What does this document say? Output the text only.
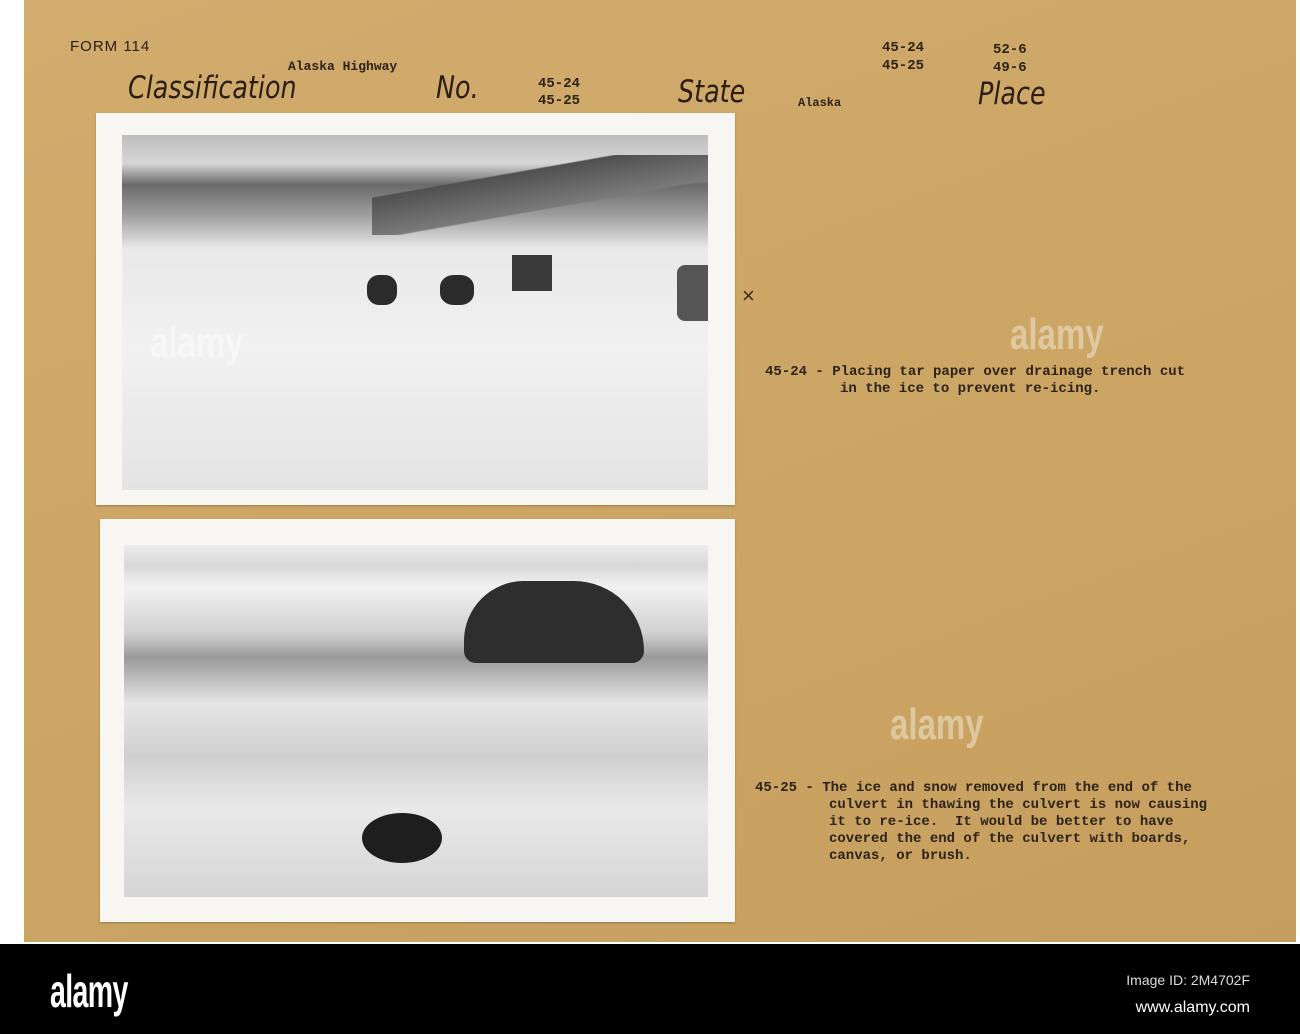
FORM 114
Alaska Highway
Classification	No.	45-24
45-25	State	Alaska
45-24
45-25
52-6
49-6
Place
×
45-24 - Placing tar paper over drainage trench cut
in the ice to prevent re-icing.
45-25 - The ice and snow removed from the end of the
culvert in thawing the culvert is now causing
it to re-ice.  It would be better to have
covered the end of the culvert with boards,
canvas, or brush.
alamy	alamy
alamy
alamy	Image ID: 2M4702F
www.alamy.com
